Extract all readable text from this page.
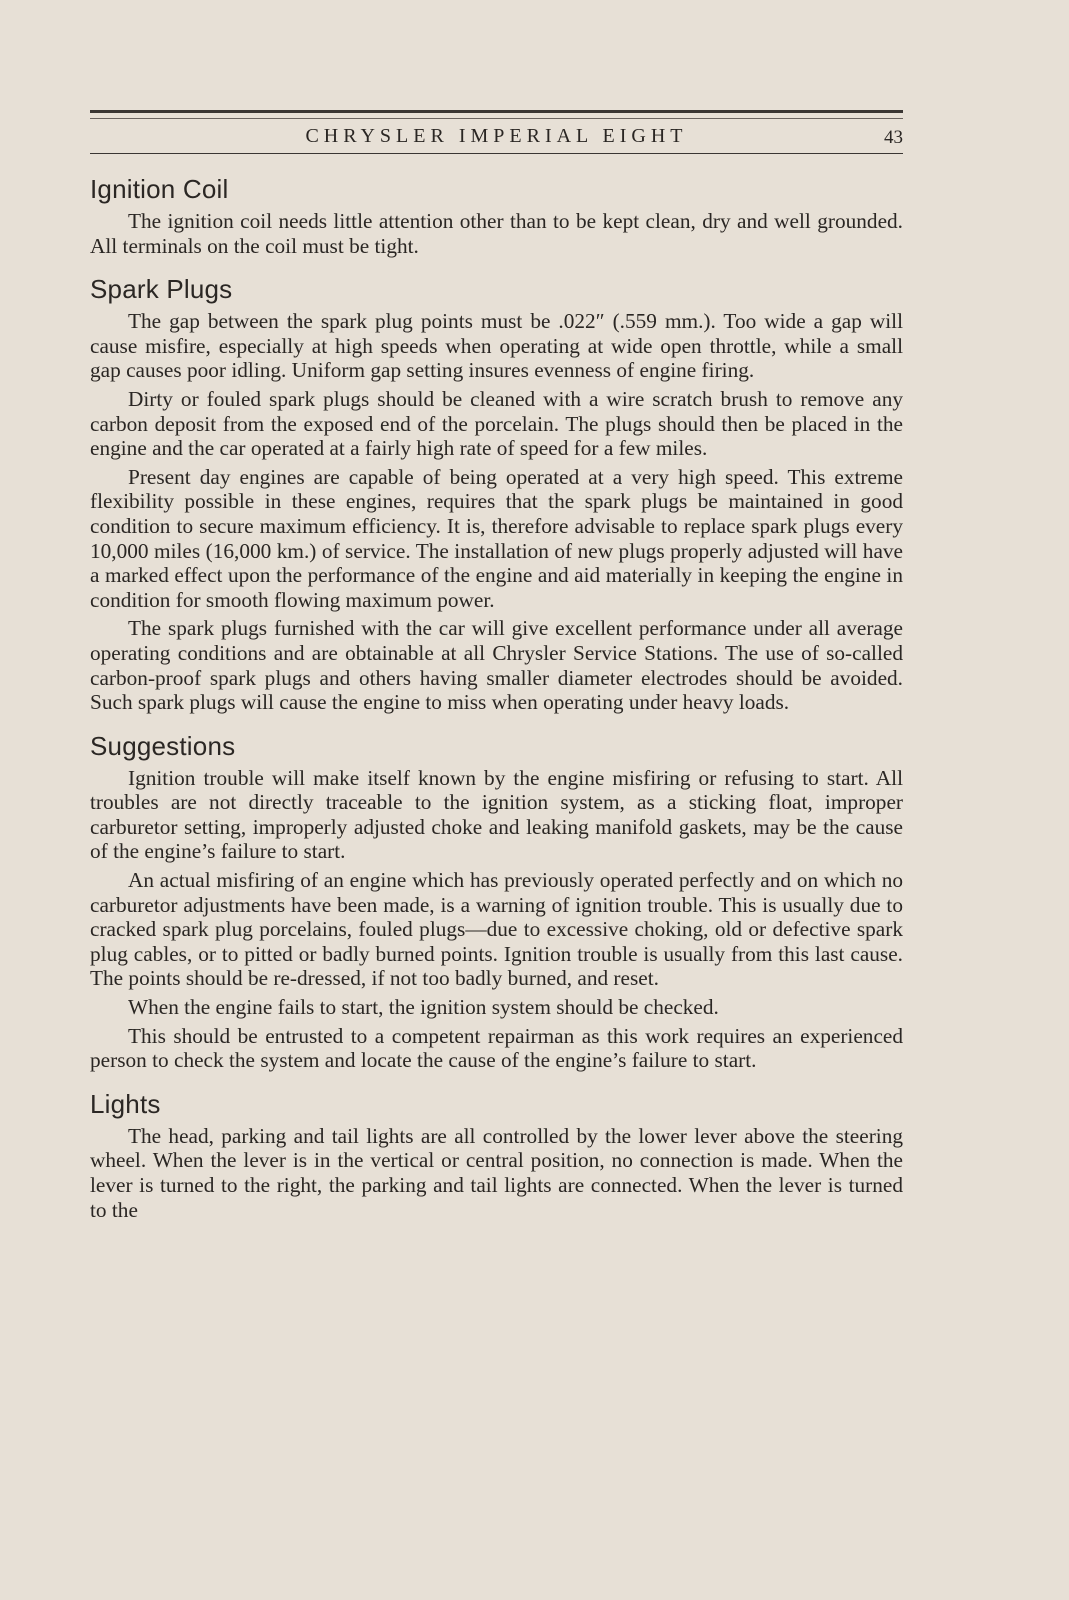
CHRYSLER IMPERIAL EIGHT	43
Ignition Coil

The ignition coil needs little attention other than to be kept clean, dry and well grounded. All terminals on the coil must be tight.

Spark Plugs

The gap between the spark plug points must be .022″ (.559 mm.). Too wide a gap will cause misfire, especially at high speeds when operating at wide open throttle, while a small gap causes poor idling. Uniform gap setting insures evenness of engine firing.

Dirty or fouled spark plugs should be cleaned with a wire scratch brush to remove any carbon deposit from the exposed end of the porcelain. The plugs should then be placed in the engine and the car operated at a fairly high rate of speed for a few miles.

Present day engines are capable of being operated at a very high speed. This extreme flexibility possible in these engines, requires that the spark plugs be maintained in good condition to secure maximum efficiency. It is, therefore advisable to replace spark plugs every 10,000 miles (16,000 km.) of service. The installation of new plugs properly adjusted will have a marked effect upon the performance of the engine and aid materially in keeping the engine in condition for smooth flowing maximum power.

The spark plugs furnished with the car will give excellent performance under all average operating conditions and are obtainable at all Chrysler Service Stations. The use of so-called carbon-proof spark plugs and others having smaller diameter electrodes should be avoided. Such spark plugs will cause the engine to miss when operating under heavy loads.

Suggestions

Ignition trouble will make itself known by the engine misfiring or refusing to start. All troubles are not directly traceable to the ignition system, as a sticking float, improper carburetor setting, improperly adjusted choke and leaking manifold gaskets, may be the cause of the engine’s failure to start.

An actual misfiring of an engine which has previously operated perfectly and on which no carburetor adjustments have been made, is a warning of ignition trouble. This is usually due to cracked spark plug porcelains, fouled plugs—due to excessive choking, old or defective spark plug cables, or to pitted or badly burned points. Ignition trouble is usually from this last cause. The points should be re-dressed, if not too badly burned, and reset.

When the engine fails to start, the ignition system should be checked.

This should be entrusted to a competent repairman as this work requires an experienced person to check the system and locate the cause of the engine’s failure to start.

Lights

The head, parking and tail lights are all controlled by the lower lever above the steering wheel. When the lever is in the vertical or central position, no connection is made. When the lever is turned to the right, the parking and tail lights are connected. When the lever is turned to the
